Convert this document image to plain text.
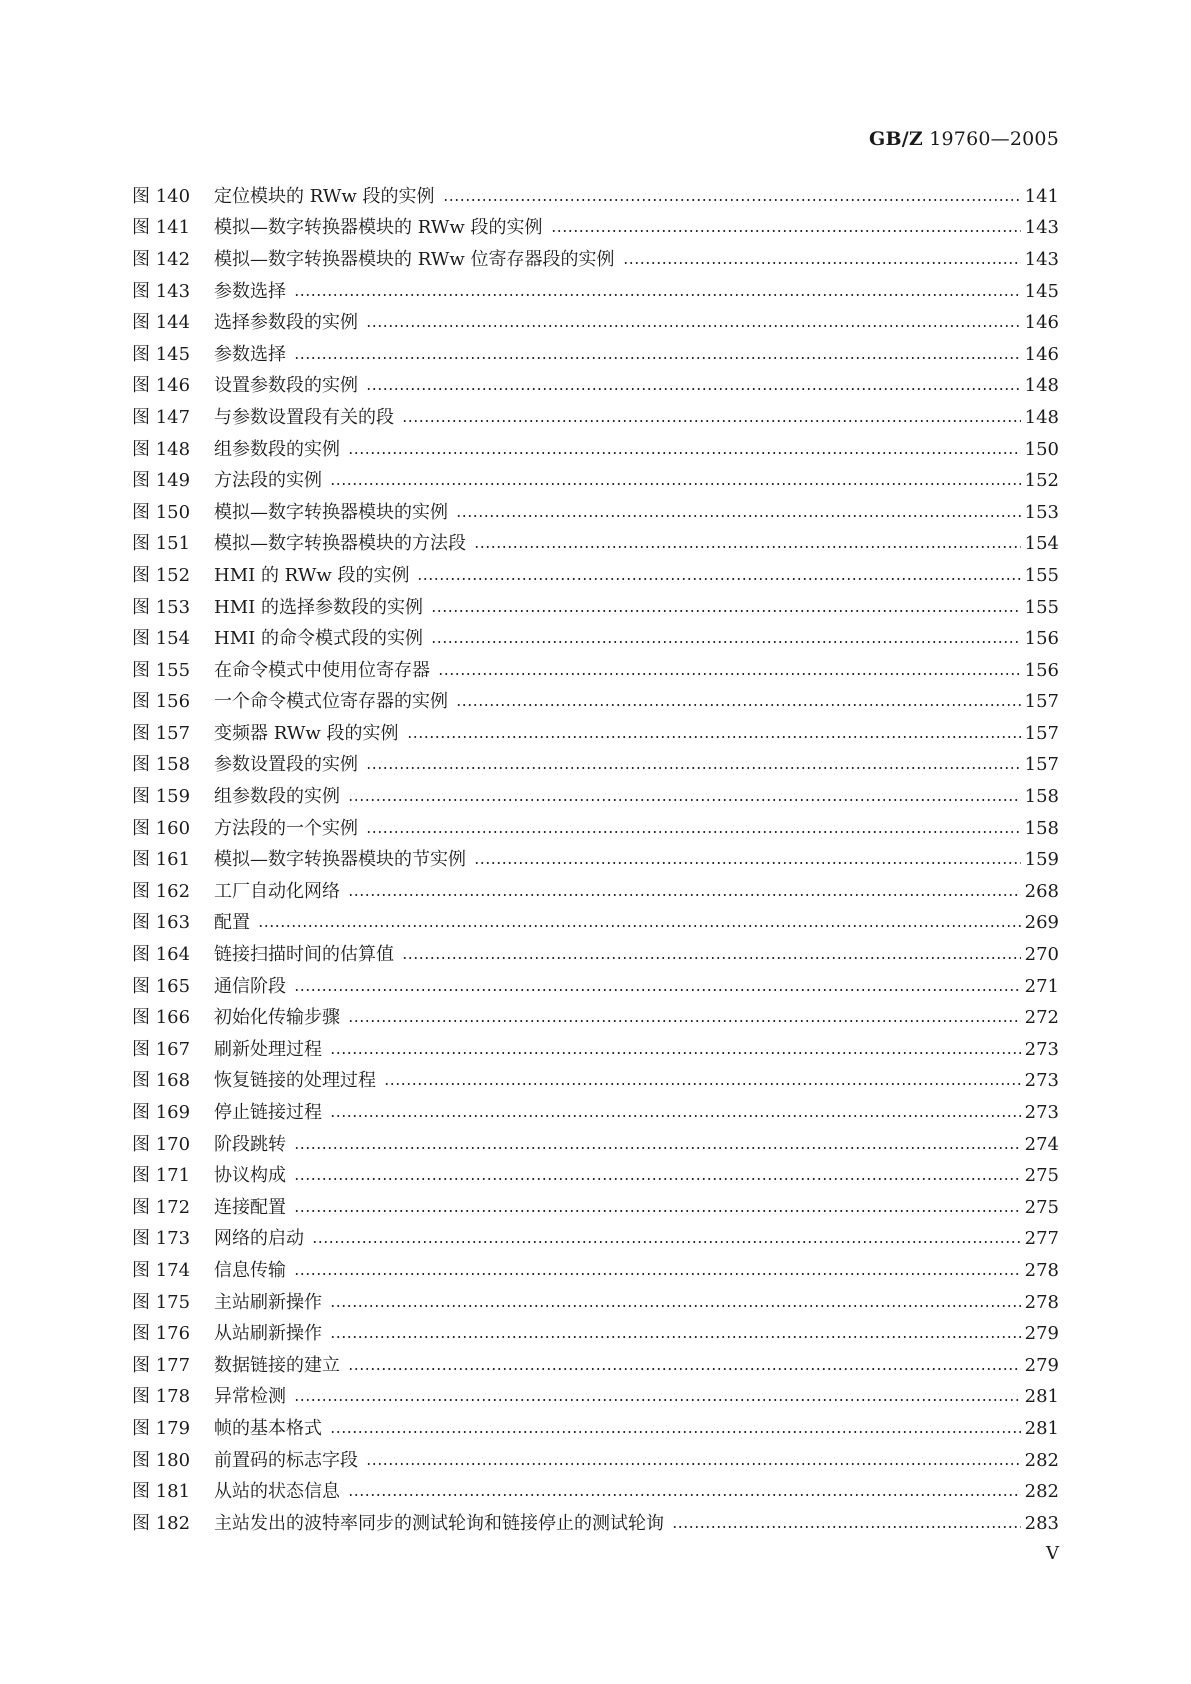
GB/Z 19760—2005
图 140	定位模块的 RWw 段的实例	141
图 141	模拟—数字转换器模块的 RWw 段的实例	143
图 142	模拟—数字转换器模块的 RWw 位寄存器段的实例	143
图 143	参数选择	145
图 144	选择参数段的实例	146
图 145	参数选择	146
图 146	设置参数段的实例	148
图 147	与参数设置段有关的段	148
图 148	组参数段的实例	150
图 149	方法段的实例	152
图 150	模拟—数字转换器模块的实例	153
图 151	模拟—数字转换器模块的方法段	154
图 152	HMI 的 RWw 段的实例	155
图 153	HMI 的选择参数段的实例	155
图 154	HMI 的命令模式段的实例	156
图 155	在命令模式中使用位寄存器	156
图 156	一个命令模式位寄存器的实例	157
图 157	变频器 RWw 段的实例	157
图 158	参数设置段的实例	157
图 159	组参数段的实例	158
图 160	方法段的一个实例	158
图 161	模拟—数字转换器模块的节实例	159
图 162	工厂自动化网络	268
图 163	配置	269
图 164	链接扫描时间的估算值	270
图 165	通信阶段	271
图 166	初始化传输步骤	272
图 167	刷新处理过程	273
图 168	恢复链接的处理过程	273
图 169	停止链接过程	273
图 170	阶段跳转	274
图 171	协议构成	275
图 172	连接配置	275
图 173	网络的启动	277
图 174	信息传输	278
图 175	主站刷新操作	278
图 176	从站刷新操作	279
图 177	数据链接的建立	279
图 178	异常检测	281
图 179	帧的基本格式	281
图 180	前置码的标志字段	282
图 181	从站的状态信息	282
图 182	主站发出的波特率同步的测试轮询和链接停止的测试轮询	283
Ⅴ
